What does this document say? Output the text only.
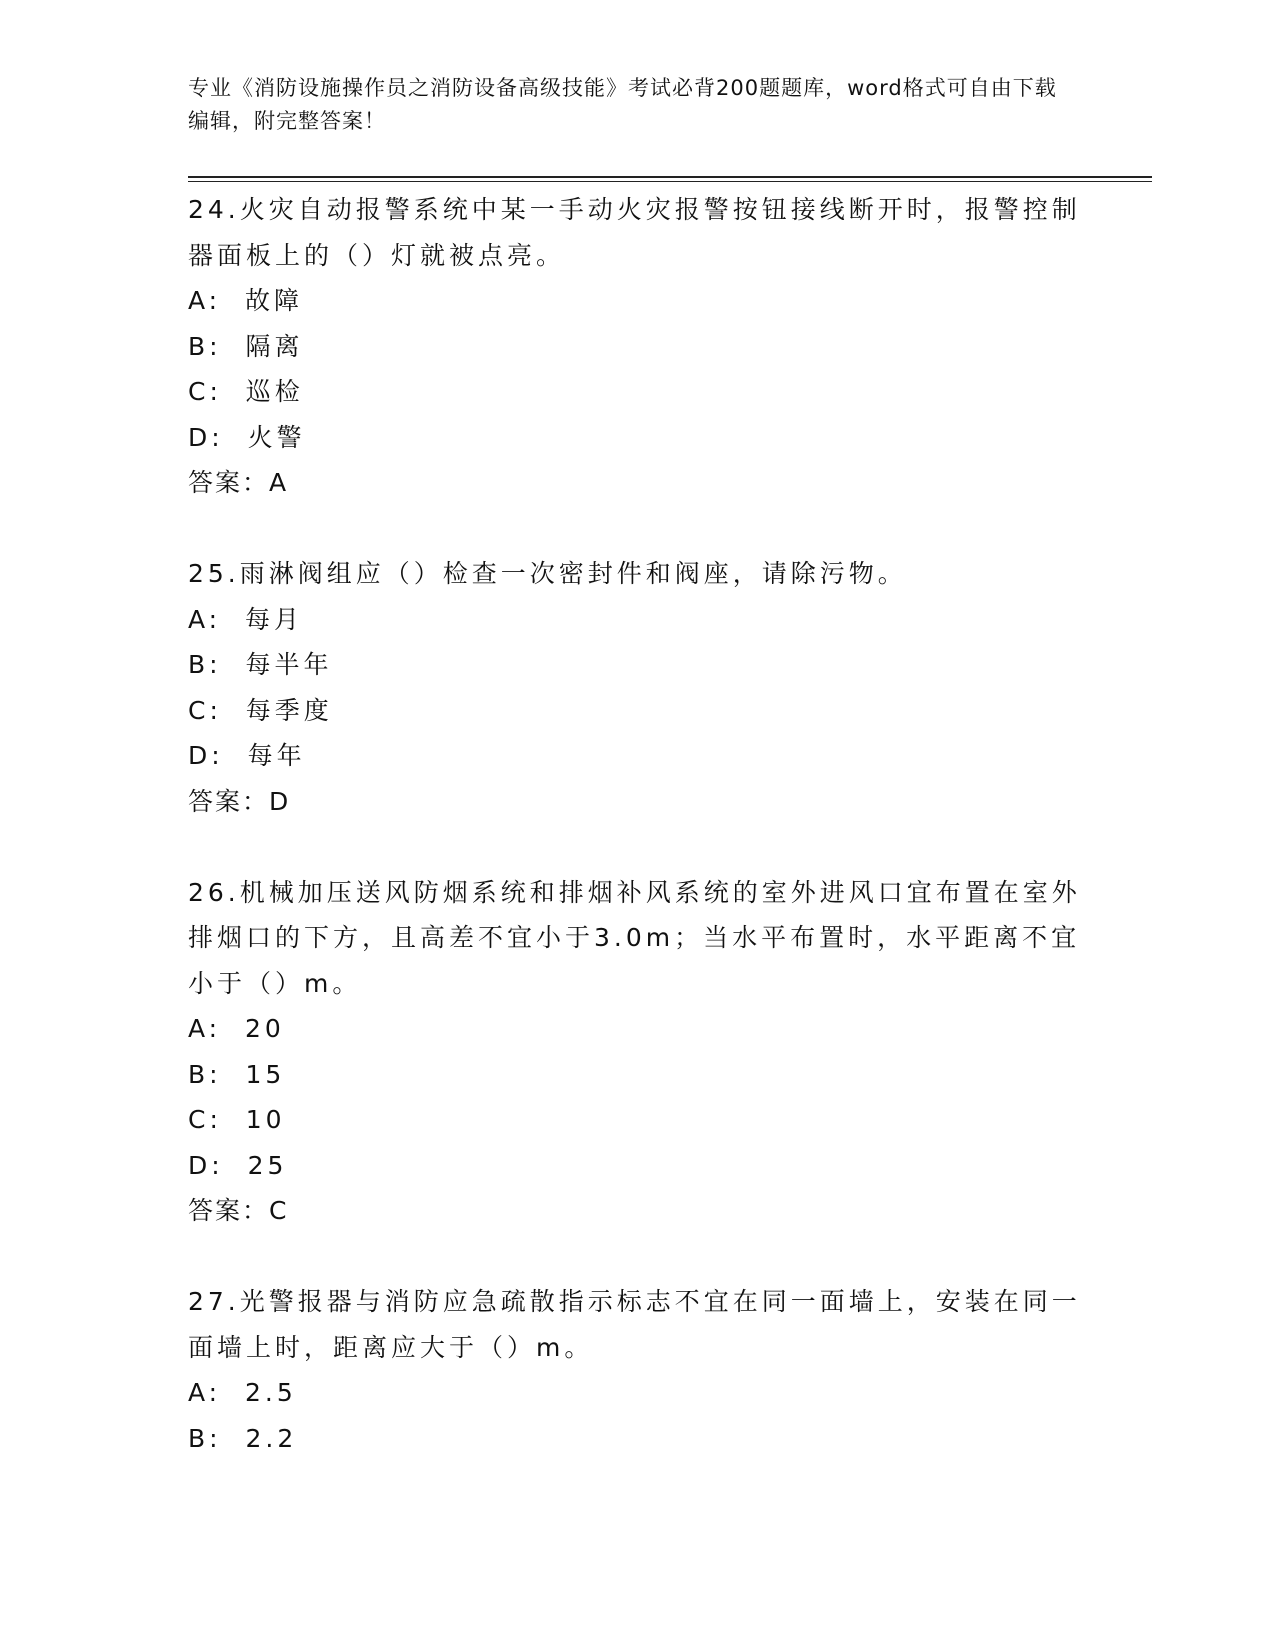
专业《消防设施操作员之消防设备高级技能》考试必背200题题库，word格式可自由下载编辑，附完整答案！

24.火灾自动报警系统中某一手动火灾报警按钮接线断开时，报警控制器面板上的（）灯就被点亮。

A:  故障

B:  隔离

C:  巡检

D:  火警

答案：A

25.雨淋阀组应（）检查一次密封件和阀座，请除污物。

A:  每月

B:  每半年

C:  每季度

D:  每年

答案：D

26.机械加压送风防烟系统和排烟补风系统的室外进风口宜布置在室外排烟口的下方，且高差不宜小于3.0m；当水平布置时，水平距离不宜小于（）m。

A:  20

B:  15

C:  10

D:  25

答案：C

27.光警报器与消防应急疏散指示标志不宜在同一面墙上，安装在同一面墙上时，距离应大于（）m。

A:  2.5

B:  2.2
